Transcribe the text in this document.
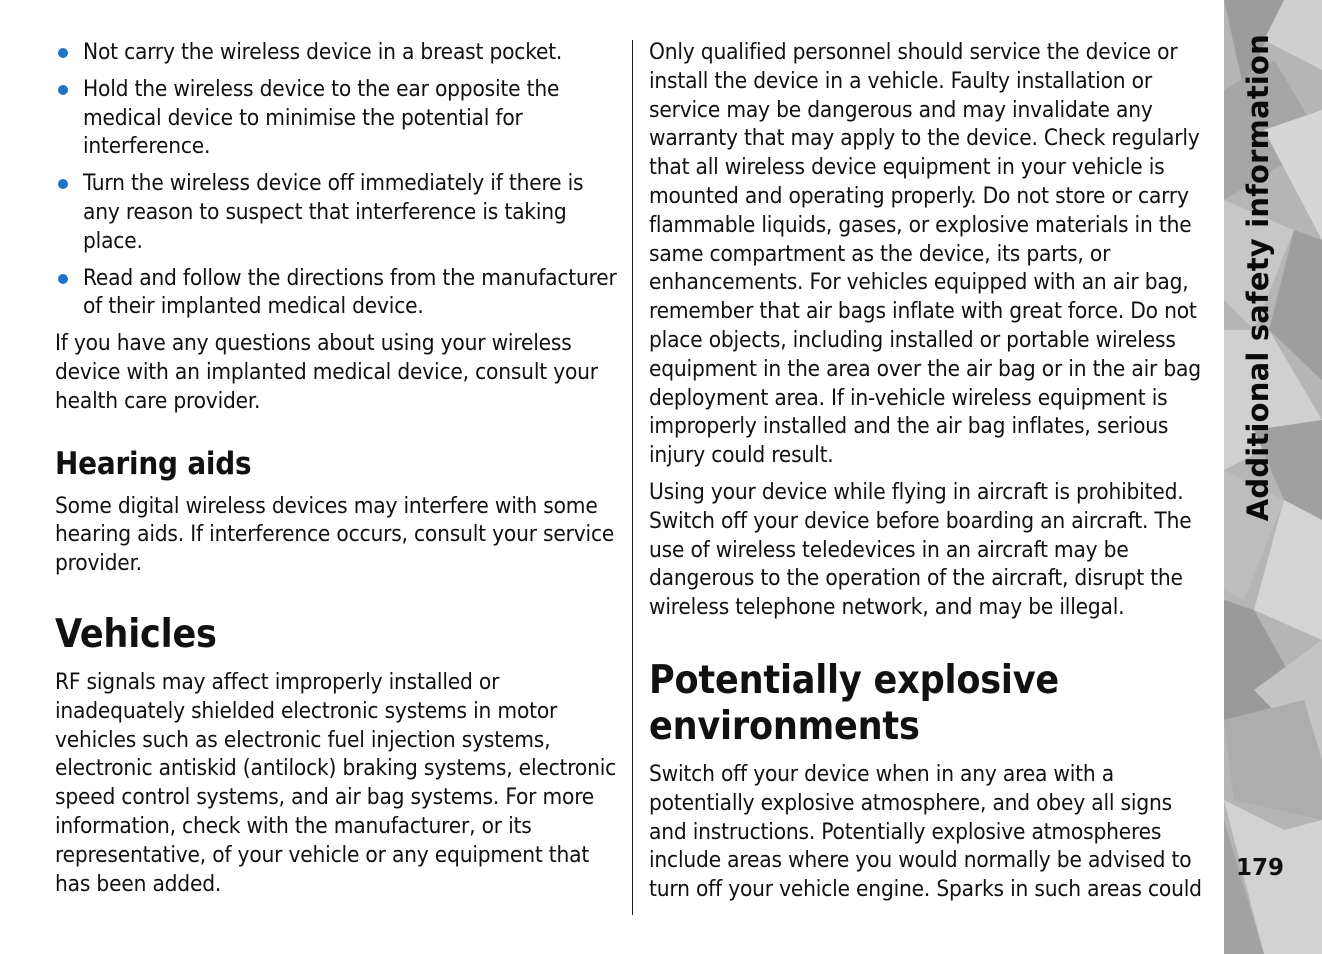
Not carry the wireless device in a breast pocket.
Hold the wireless device to the ear opposite the medical device to minimise the potential for interference.
Turn the wireless device off immediately if there is any reason to suspect that interference is taking place.
Read and follow the directions from the manufacturer of their implanted medical device.

If you have any questions about using your wireless device with an implanted medical device, consult your health care provider.

Hearing aids

Some digital wireless devices may interfere with some hearing aids. If interference occurs, consult your service provider.

Vehicles

RF signals may affect improperly installed or inadequately shielded electronic systems in motor vehicles such as electronic fuel injection systems, electronic antiskid (antilock) braking systems, electronic speed control systems, and air bag systems. For more information, check with the manufacturer, or its representative, of your vehicle or any equipment that has been added.

Only qualified personnel should service the device or install the device in a vehicle. Faulty installation or service may be dangerous and may invalidate any warranty that may apply to the device. Check regularly that all wireless device equipment in your vehicle is mounted and operating properly. Do not store or carry flammable liquids, gases, or explosive materials in the same compartment as the device, its parts, or enhancements. For vehicles equipped with an air bag, remember that air bags inflate with great force. Do not place objects, including installed or portable wireless equipment in the area over the air bag or in the air bag deployment area. If in-vehicle wireless equipment is improperly installed and the air bag inflates, serious injury could result.

Using your device while flying in aircraft is prohibited. Switch off your device before boarding an aircraft. The use of wireless teledevices in an aircraft may be dangerous to the operation of the aircraft, disrupt the wireless telephone network, and may be illegal.

Potentially explosive environments

Switch off your device when in any area with a potentially explosive atmosphere, and obey all signs and instructions. Potentially explosive atmospheres include areas where you would normally be advised to turn off your vehicle engine. Sparks in such areas could

Additional safety information
179
